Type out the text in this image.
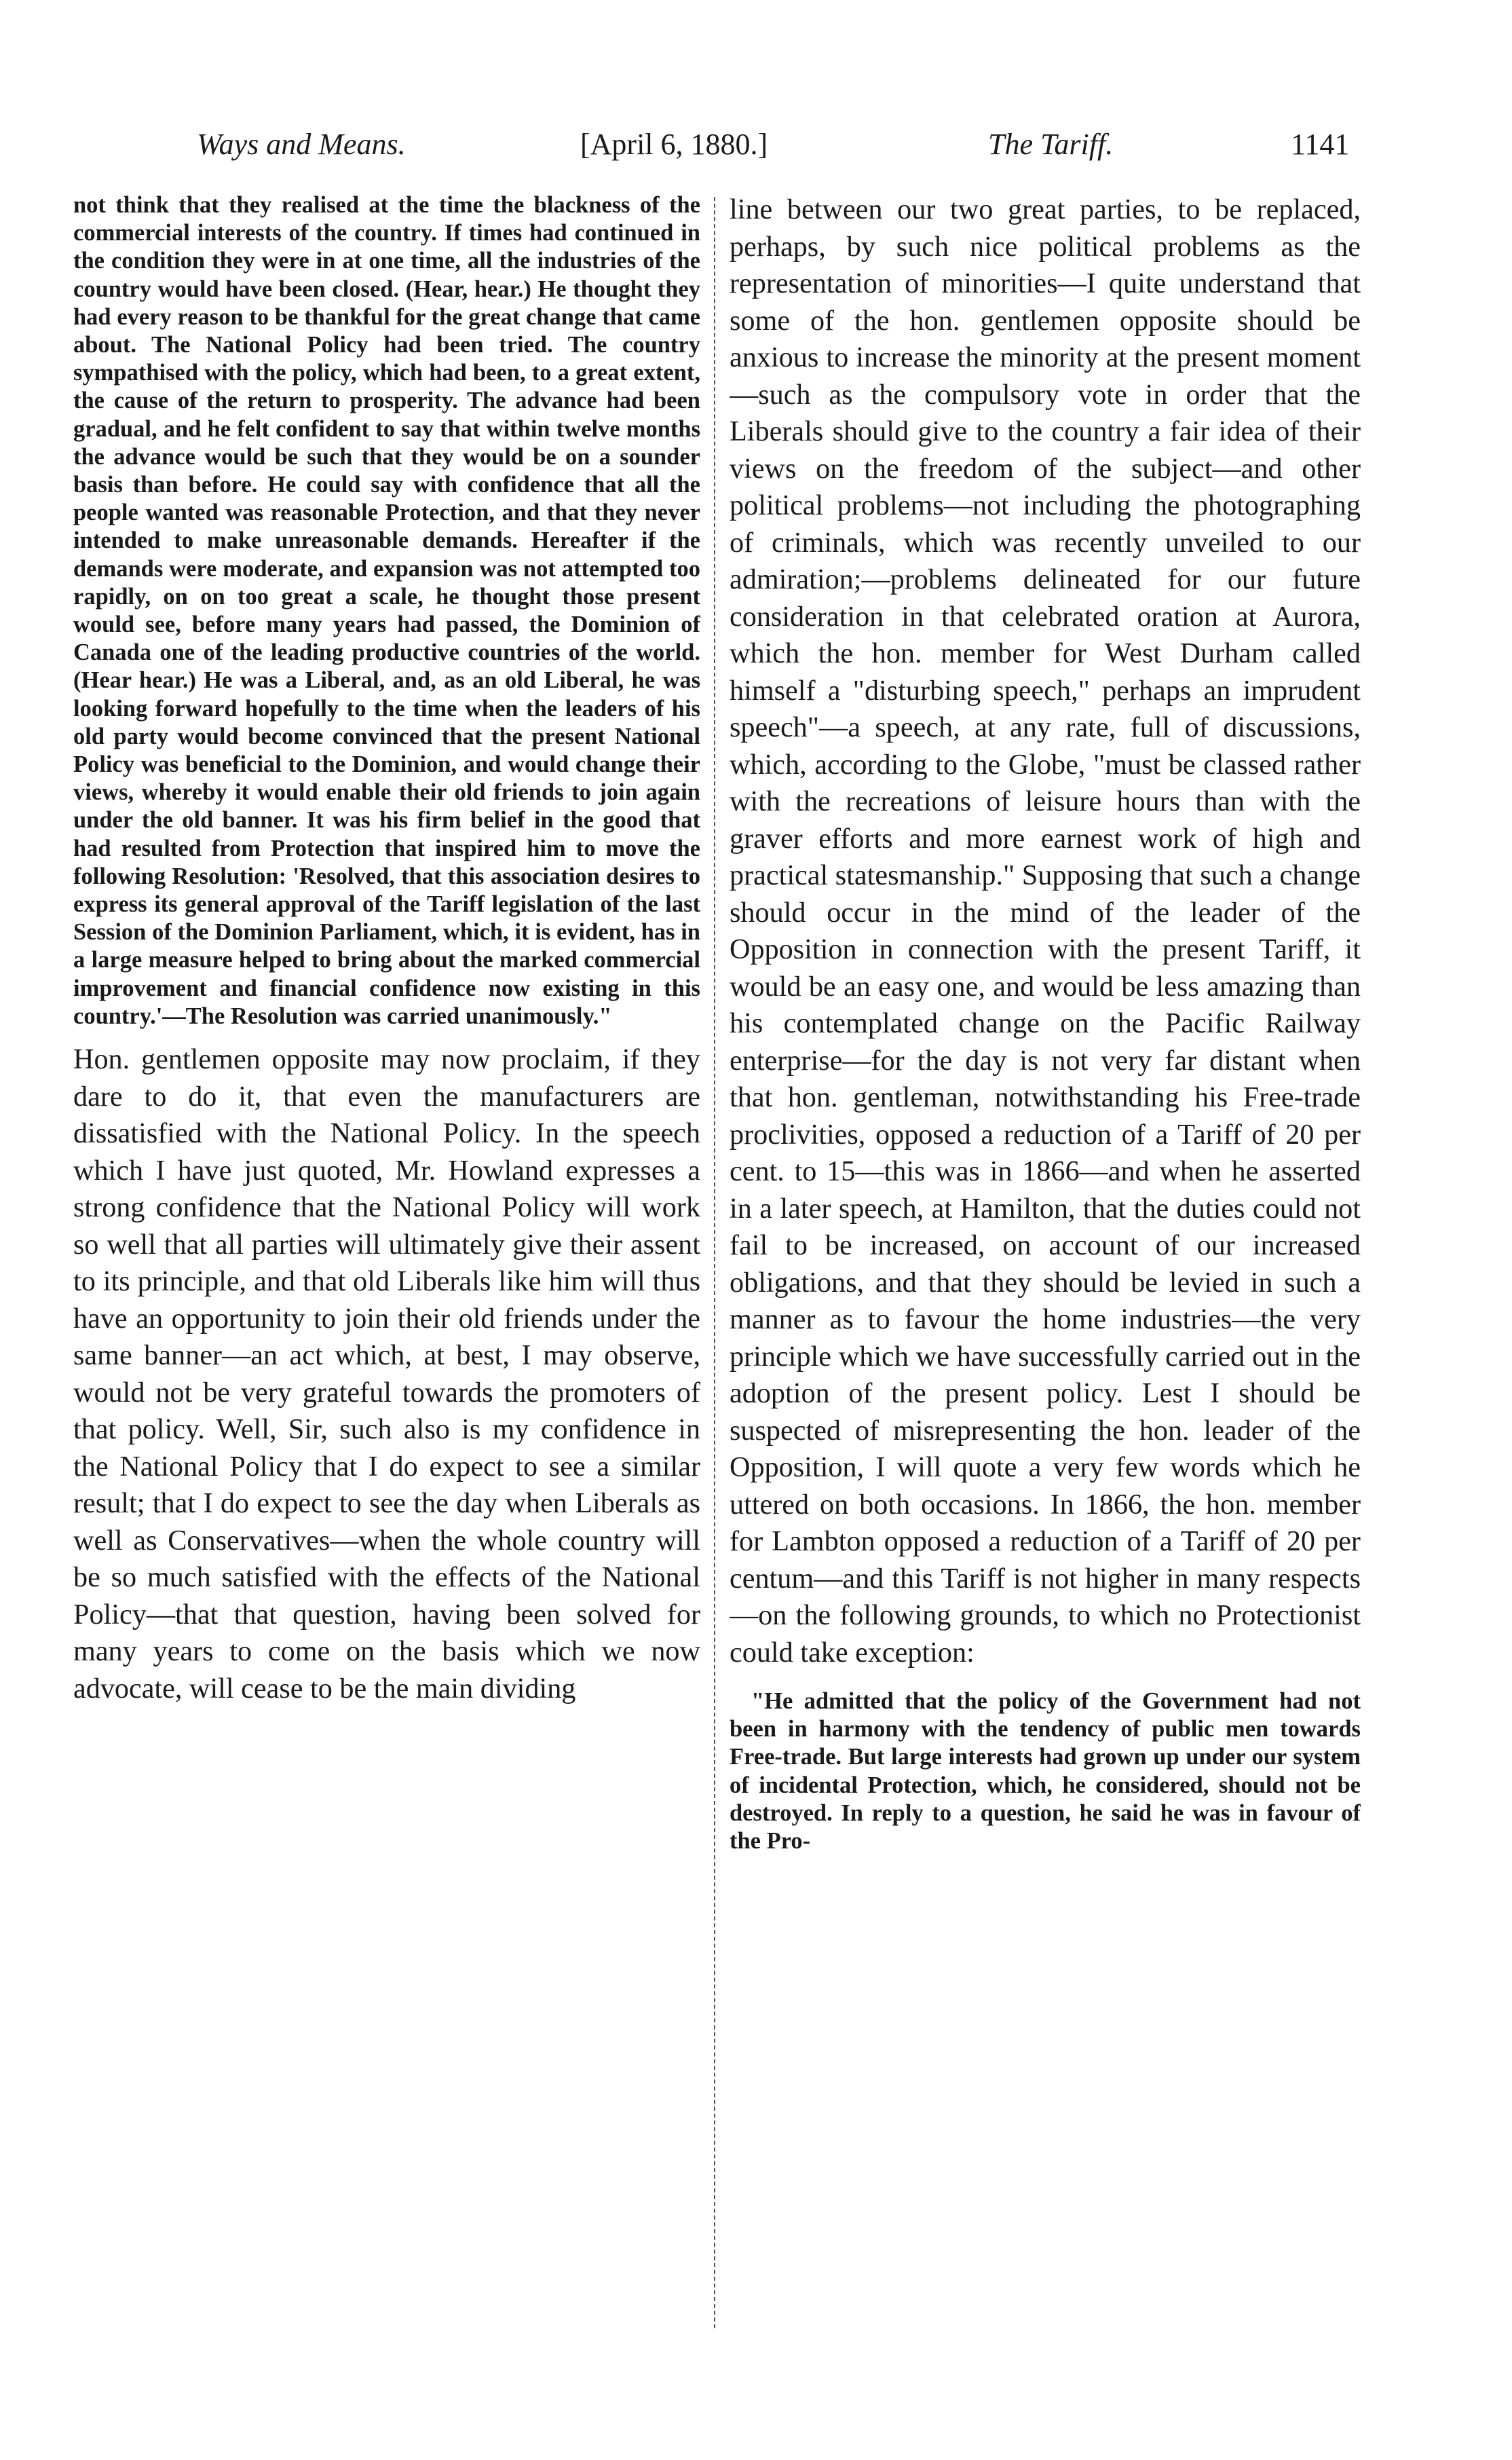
Ways and Means.	[April 6, 1880.]	The Tariff.	1141

not think that they realised at the time the blackness of the commercial interests of the country. If times had continued in the condition they were in at one time, all the industries of the country would have been closed. (Hear, hear.) He thought they had every reason to be thankful for the great change that came about. The National Policy had been tried. The country sympathised with the policy, which had been, to a great extent, the cause of the return to prosperity. The advance had been gradual, and he felt confident to say that within twelve months the advance would be such that they would be on a sounder basis than before. He could say with confidence that all the people wanted was reasonable Protection, and that they never intended to make unreasonable demands. Hereafter if the demands were moderate, and expansion was not attempted too rapidly, on on too great a scale, he thought those present would see, before many years had passed, the Dominion of Canada one of the leading productive countries of the world. (Hear hear.) He was a Liberal, and, as an old Liberal, he was looking forward hopefully to the time when the leaders of his old party would become convinced that the present National Policy was beneficial to the Dominion, and would change their views, whereby it would enable their old friends to join again under the old banner. It was his firm belief in the good that had resulted from Protection that inspired him to move the following Resolution: 'Resolved, that this association desires to express its general approval of the Tariff legislation of the last Session of the Dominion Parliament, which, it is evident, has in a large measure helped to bring about the marked commercial improvement and financial confidence now existing in this country.'—The Resolution was carried unanimously."

Hon. gentlemen opposite may now proclaim, if they dare to do it, that even the manufacturers are dissatisfied with the National Policy. In the speech which I have just quoted, Mr. Howland expresses a strong confidence that the National Policy will work so well that all parties will ultimately give their assent to its principle, and that old Liberals like him will thus have an opportunity to join their old friends under the same banner—an act which, at best, I may observe, would not be very grateful towards the promoters of that policy. Well, Sir, such also is my confidence in the National Policy that I do expect to see a similar result; that I do expect to see the day when Liberals as well as Conservatives—when the whole country will be so much satisfied with the effects of the National Policy—that that question, having been solved for many years to come on the basis which we now advocate, will cease to be the main dividing

line between our two great parties, to be replaced, perhaps, by such nice political problems as the representation of minorities—I quite understand that some of the hon. gentlemen opposite should be anxious to increase the minority at the present moment—such as the compulsory vote in order that the Liberals should give to the country a fair idea of their views on the freedom of the subject—and other political problems—not including the photographing of criminals, which was recently unveiled to our admiration;—problems delineated for our future consideration in that celebrated oration at Aurora, which the hon. member for West Durham called himself a "disturbing speech," perhaps an imprudent speech"—a speech, at any rate, full of discussions, which, according to the Globe, "must be classed rather with the recreations of leisure hours than with the graver efforts and more earnest work of high and practical statesmanship." Supposing that such a change should occur in the mind of the leader of the Opposition in connection with the present Tariff, it would be an easy one, and would be less amazing than his contemplated change on the Pacific Railway enterprise—for the day is not very far distant when that hon. gentleman, notwithstanding his Free-trade proclivities, opposed a reduction of a Tariff of 20 per cent. to 15—this was in 1866—and when he asserted in a later speech, at Hamilton, that the duties could not fail to be increased, on account of our increased obligations, and that they should be levied in such a manner as to favour the home industries—the very principle which we have successfully carried out in the adoption of the present policy. Lest I should be suspected of misrepresenting the hon. leader of the Opposition, I will quote a very few words which he uttered on both occasions. In 1866, the hon. member for Lambton opposed a reduction of a Tariff of 20 per centum—and this Tariff is not higher in many respects—on the following grounds, to which no Protectionist could take exception:

"He admitted that the policy of the Government had not been in harmony with the tendency of public men towards Free-trade. But large interests had grown up under our system of incidental Protection, which, he considered, should not be destroyed. In reply to a question, he said he was in favour of the Pro-
